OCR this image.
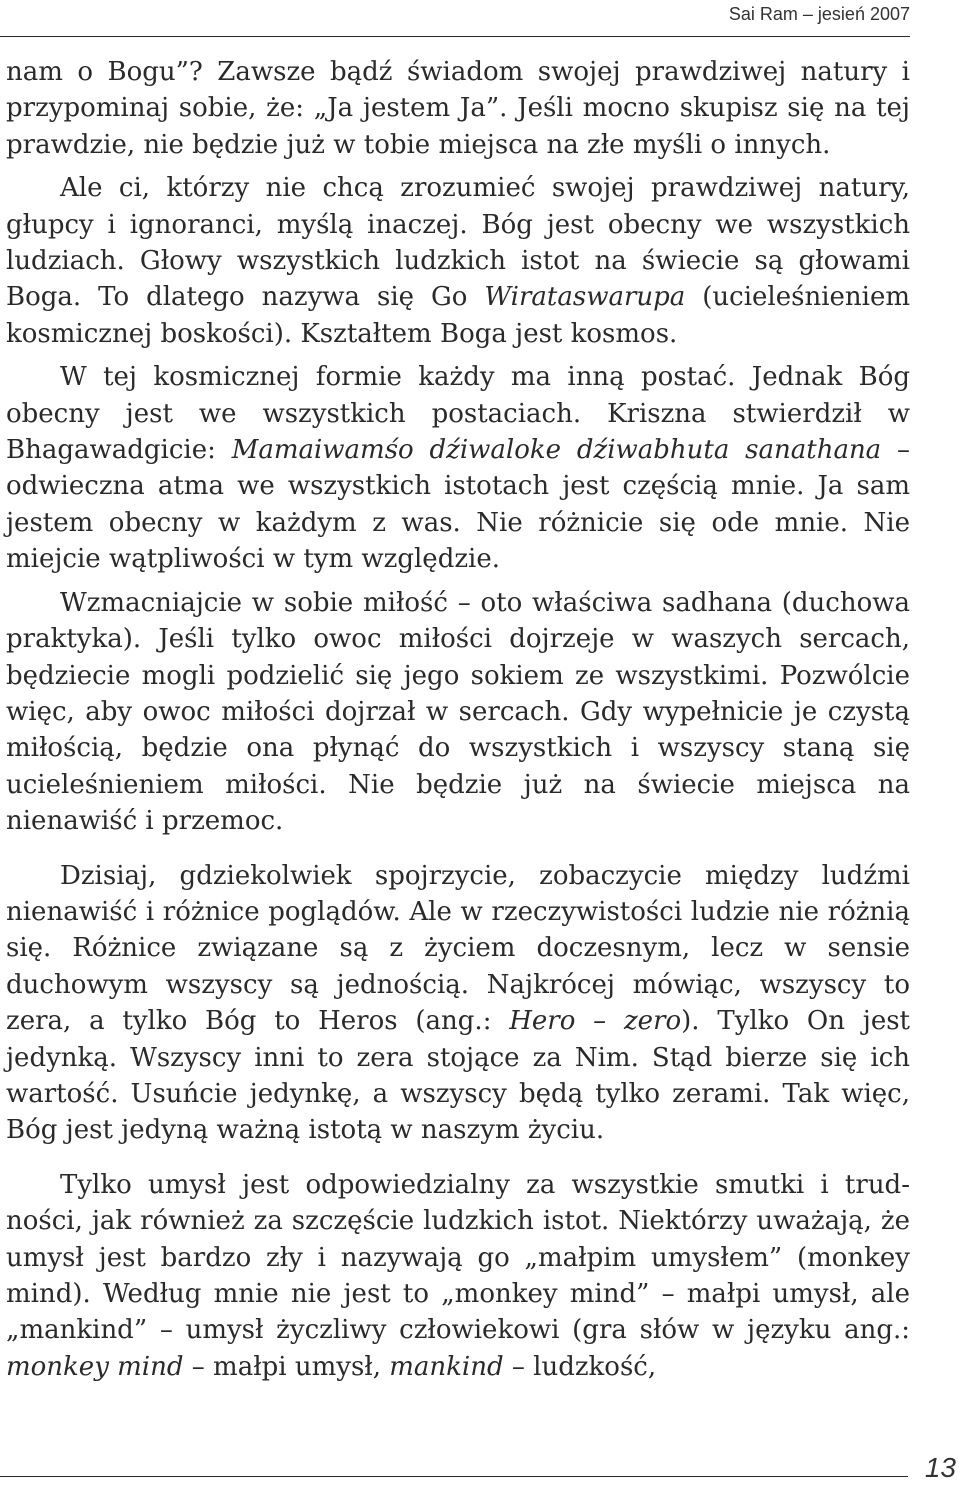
Sai Ram – jesień 2007

nam o Bogu”? Zawsze bądź świadom swojej prawdziwej natury i przypominaj sobie, że: „Ja jestem Ja”. Jeśli mocno skupisz się na tej prawdzie, nie będzie już w tobie miejsca na złe myśli o innych.

Ale ci, którzy nie chcą zrozumieć swojej prawdziwej natury, głupcy i ignoranci, myślą inaczej. Bóg jest obecny we wszystkich ludziach. Głowy wszystkich ludzkich istot na świecie są głowami Boga. To dlatego nazywa się Go Wirataswarupa (ucieleśnieniem kosmicznej boskości). Kształtem Boga jest kosmos.

W tej kosmicznej formie każdy ma inną postać. Jednak Bóg obecny jest we wszystkich postaciach. Kriszna stwierdził w Bhagawadgicie: Mamaiwamśo dźiwaloke dźiwabhuta sanathana – odwieczna atma we wszystkich istotach jest częścią mnie. Ja sam jestem obecny w każdym z was. Nie różnicie się ode mnie. Nie miejcie wątpliwości w tym względzie.

Wzmacniajcie w sobie miłość – oto właściwa sadhana (duchowa praktyka). Jeśli tylko owoc miłości dojrzeje w waszych sercach, będziecie mogli podzielić się jego sokiem ze wszystkimi. Pozwólcie więc, aby owoc miłości dojrzał w sercach. Gdy wypełnicie je czystą miłością, będzie ona płynąć do wszystkich i wszyscy staną się ucieleśnieniem miłości. Nie będzie już na świecie miejsca na nienawiść i przemoc.

Dzisiaj, gdziekolwiek spojrzycie, zobaczycie między ludźmi nienawiść i różnice poglądów. Ale w rzeczywistości ludzie nie różnią się. Różnice związane są z życiem doczesnym, lecz w sensie duchowym wszyscy są jednością. Najkrócej mówiąc, wszyscy to zera, a tylko Bóg to Heros (ang.: Hero – zero). Tylko On jest jedynką. Wszyscy inni to zera stojące za Nim. Stąd bierze się ich wartość. Usuńcie jedynkę, a wszyscy będą tylko zerami. Tak więc, Bóg jest jedyną ważną istotą w naszym życiu.

Tylko umysł jest odpowiedzialny za wszystkie smutki i trudności, jak również za szczęście ludzkich istot. Niektórzy uważają, że umysł jest bardzo zły i nazywają go „małpim umysłem” (monkey mind). Według mnie nie jest to „monkey mind” – małpi umysł, ale „mankind” – umysł życzliwy człowiekowi (gra słów w języku ang.: monkey mind – małpi umysł, mankind – ludzkość,

13
